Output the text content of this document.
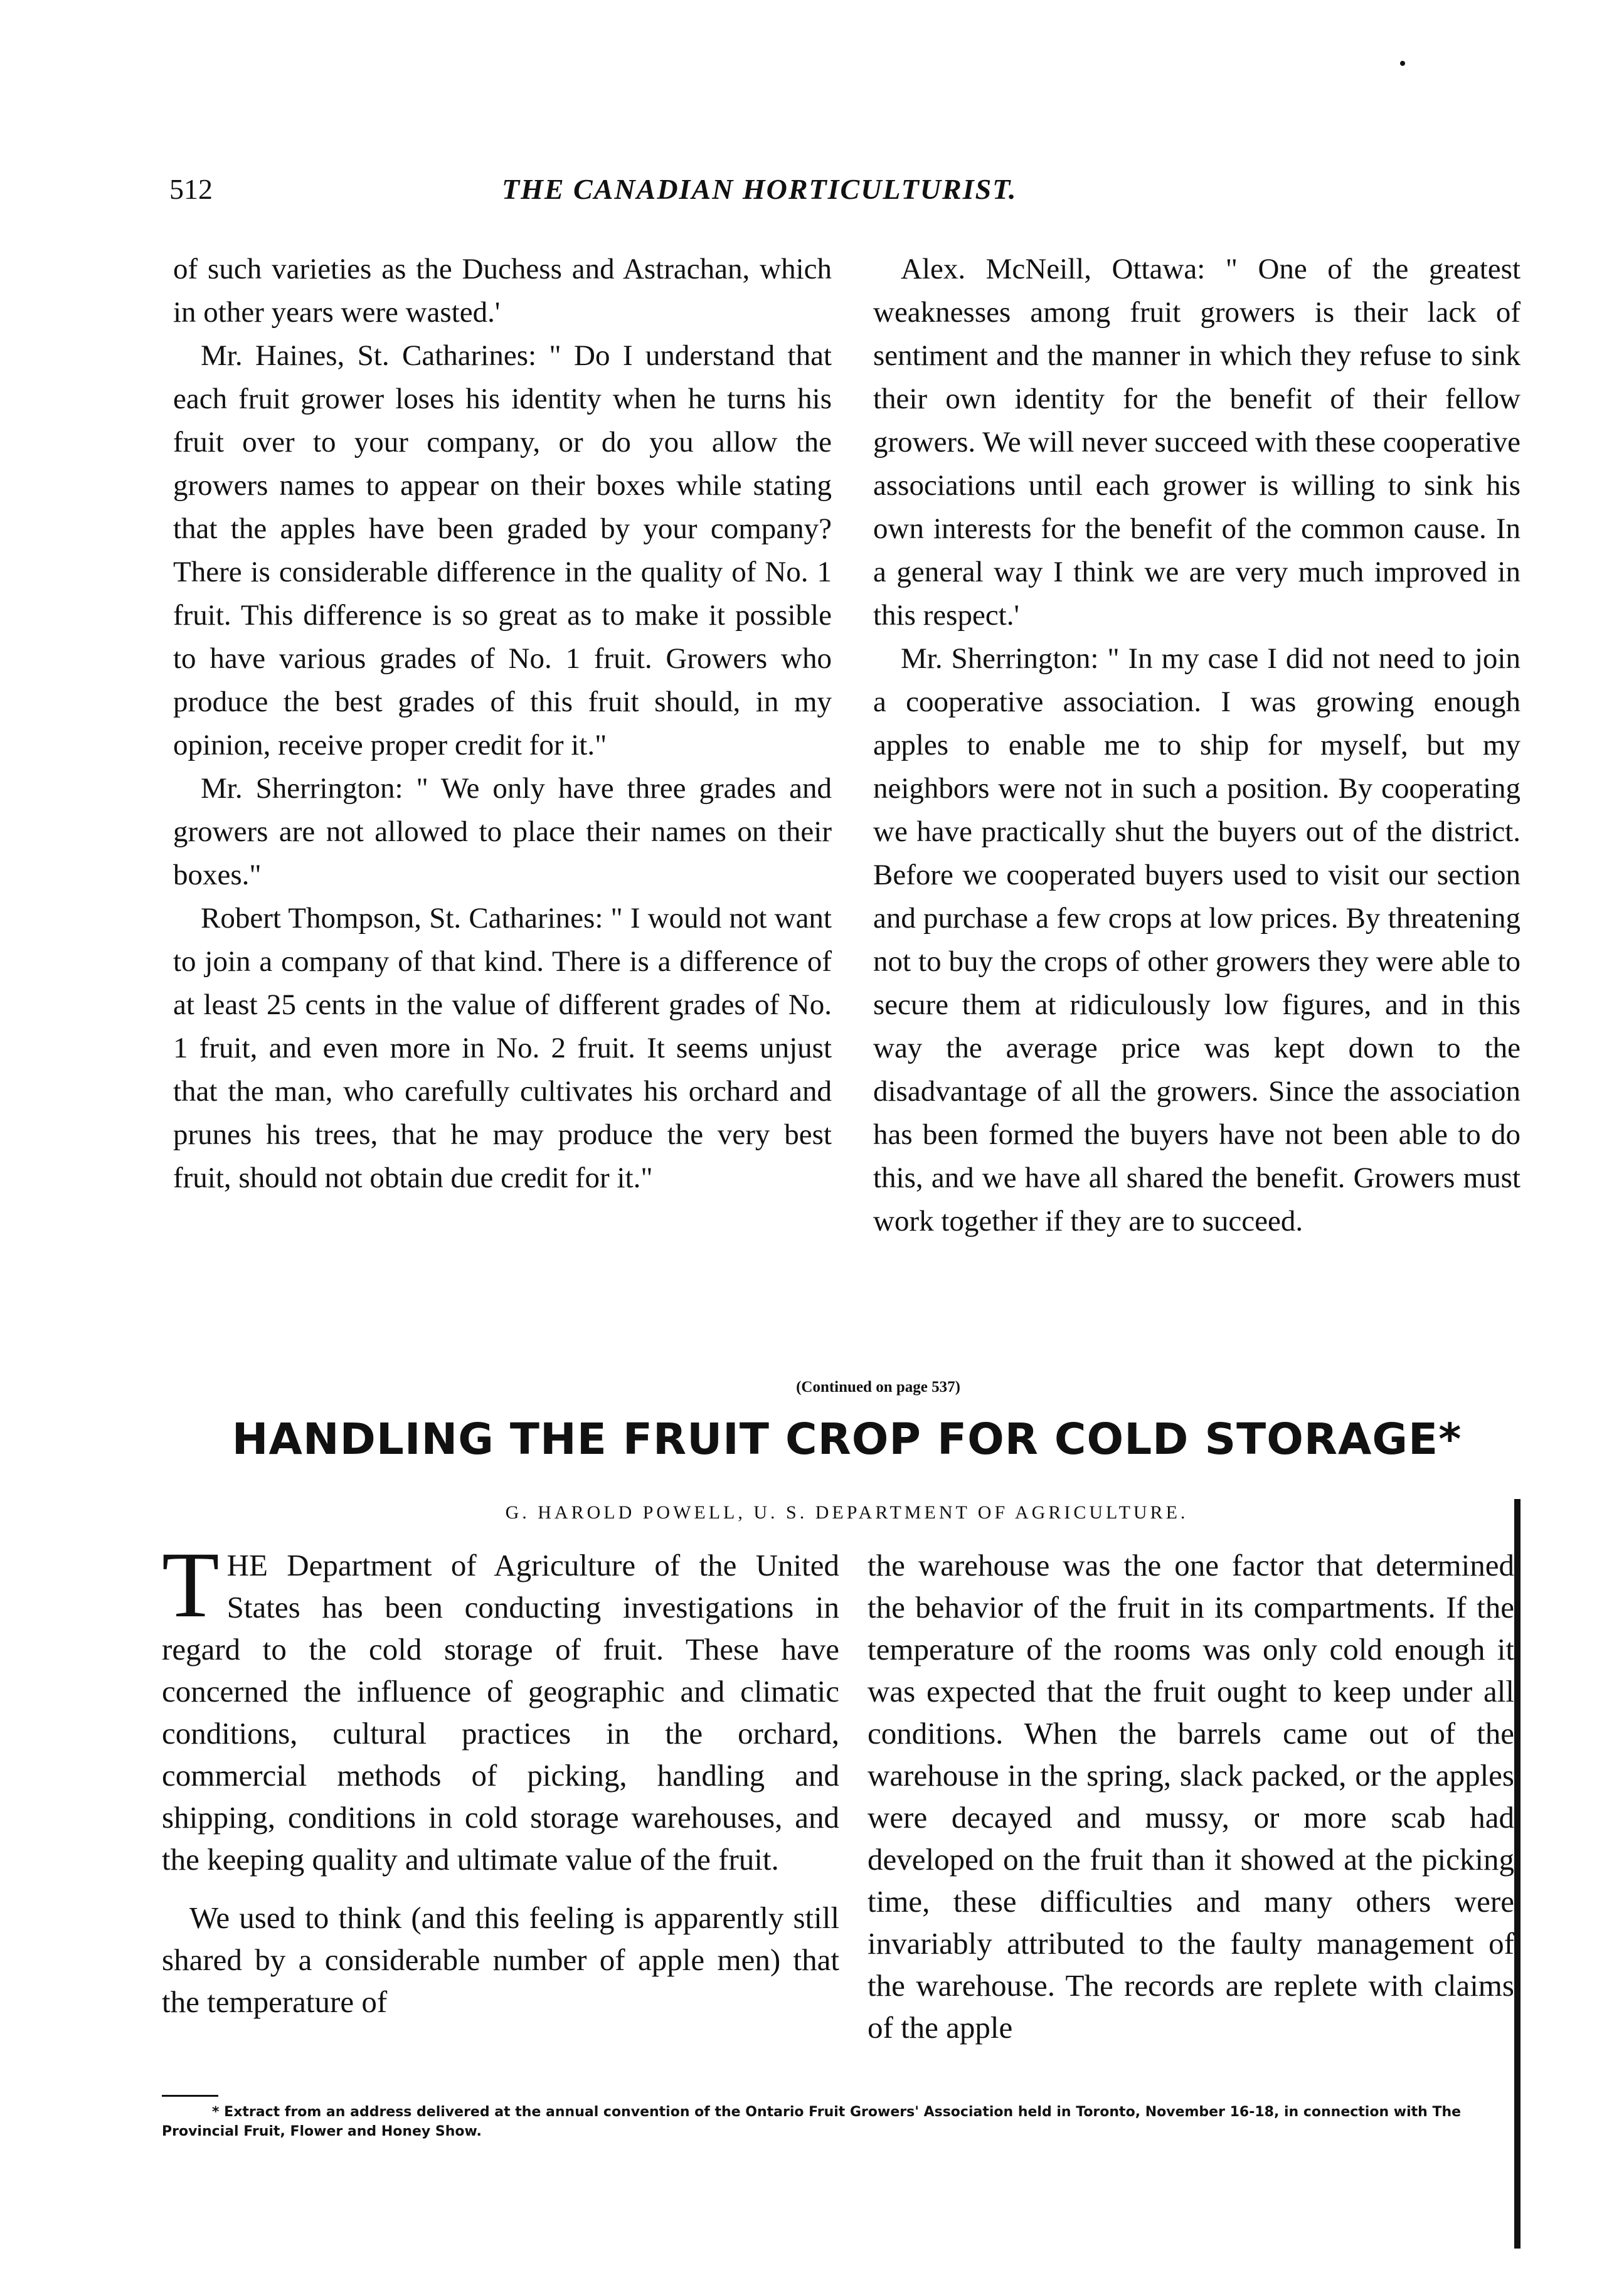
512	THE CANADIAN HORTICULTURIST.

of such varieties as the Duchess and Astrachan, which in other years were wasted.'

Mr. Haines, St. Catharines: " Do I understand that each fruit grower loses his identity when he turns his fruit over to your company, or do you allow the growers names to appear on their boxes while stating that the apples have been graded by your company? There is considerable difference in the quality of No. 1 fruit. This difference is so great as to make it possible to have various grades of No. 1 fruit. Growers who produce the best grades of this fruit should, in my opinion, receive proper credit for it."

Mr. Sherrington: " We only have three grades and growers are not allowed to place their names on their boxes."

Robert Thompson, St. Catharines: " I would not want to join a company of that kind. There is a difference of at least 25 cents in the value of different grades of No. 1 fruit, and even more in No. 2 fruit. It seems unjust that the man, who carefully cultivates his orchard and prunes his trees, that he may produce the very best fruit, should not obtain due credit for it."

Alex. McNeill, Ottawa: " One of the greatest weaknesses among fruit growers is their lack of sentiment and the manner in which they refuse to sink their own identity for the benefit of their fellow growers. We will never succeed with these cooperative associations until each grower is willing to sink his own interests for the benefit of the common cause. In a general way I think we are very much improved in this respect.'

Mr. Sherrington: " In my case I did not need to join a cooperative association. I was growing enough apples to enable me to ship for myself, but my neighbors were not in such a position. By cooperating we have practically shut the buyers out of the district. Before we cooperated buyers used to visit our section and purchase a few crops at low prices. By threatening not to buy the crops of other growers they were able to secure them at ridiculously low figures, and in this way the average price was kept down to the disadvantage of all the growers. Since the association has been formed the buyers have not been able to do this, and we have all shared the benefit. Growers must work together if they are to succeed.

(Continued on page 537)
HANDLING THE FRUIT CROP FOR COLD STORAGE*
G. HAROLD POWELL, U. S. DEPARTMENT OF AGRICULTURE.

THE Department of Agriculture of the United States has been conducting investigations in regard to the cold storage of fruit. These have concerned the influence of geographic and climatic conditions, cultural practices in the orchard, commercial methods of picking, handling and shipping, conditions in cold storage warehouses, and the keeping quality and ultimate value of the fruit.

We used to think (and this feeling is apparently still shared by a considerable number of apple men) that the temperature of

the warehouse was the one factor that determined the behavior of the fruit in its compartments. If the temperature of the rooms was only cold enough it was expected that the fruit ought to keep under all conditions. When the barrels came out of the warehouse in the spring, slack packed, or the apples were decayed and mussy, or more scab had developed on the fruit than it showed at the picking time, these difficulties and many others were invariably attributed to the faulty management of the warehouse. The records are replete with claims of the apple

* Extract from an address delivered at the annual convention of the Ontario Fruit Growers' Association held in Toronto, November 16-18, in connection with The Provincial Fruit, Flower and Honey Show.
